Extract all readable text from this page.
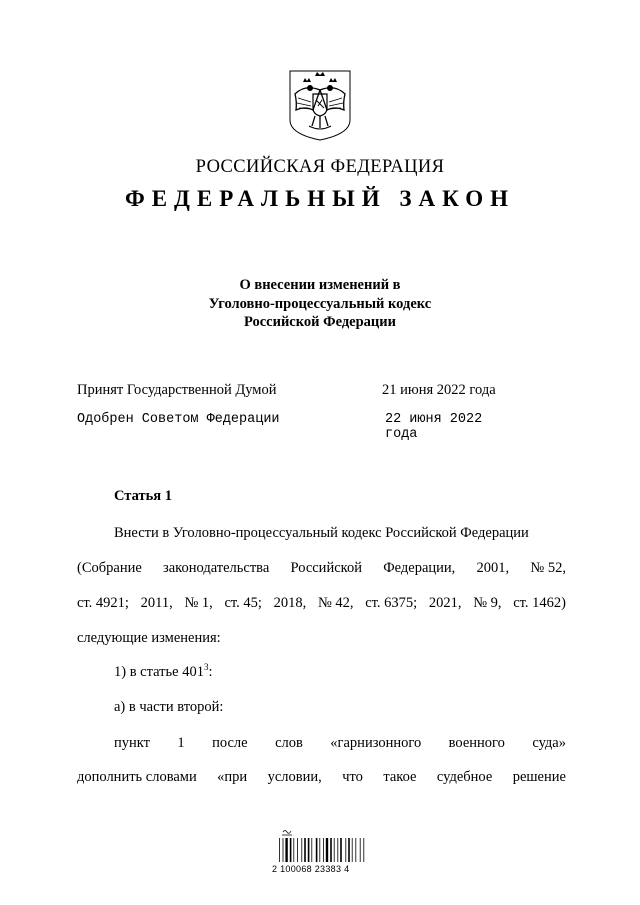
РОССИЙСКАЯ ФЕДЕРАЦИЯ
ФЕДЕРАЛЬНЫЙ ЗАКОН
О внесении изменений в
Уголовно-процессуальный кодекс
Российской Федерации
Принят Государственной Думой	21 июня 2022 года
Одобрен Советом Федерации	22 июня 2022 года
Статья 1
Внести в Уголовно-процессуальный кодекс Российской Федерации
(Собрание законодательства Российской Федерации, 2001, № 52,
ст. 4921; 2011, № 1, ст. 45; 2018, № 42, ст. 6375; 2021, № 9, ст. 1462)
следующие изменения:
1) в статье $401^3$:
а) в части второй:
пункт 1 после слов «гарнизонного военного суда»
дополнить словами «при условии, что такое судебное решение
2 100068 23383 4
